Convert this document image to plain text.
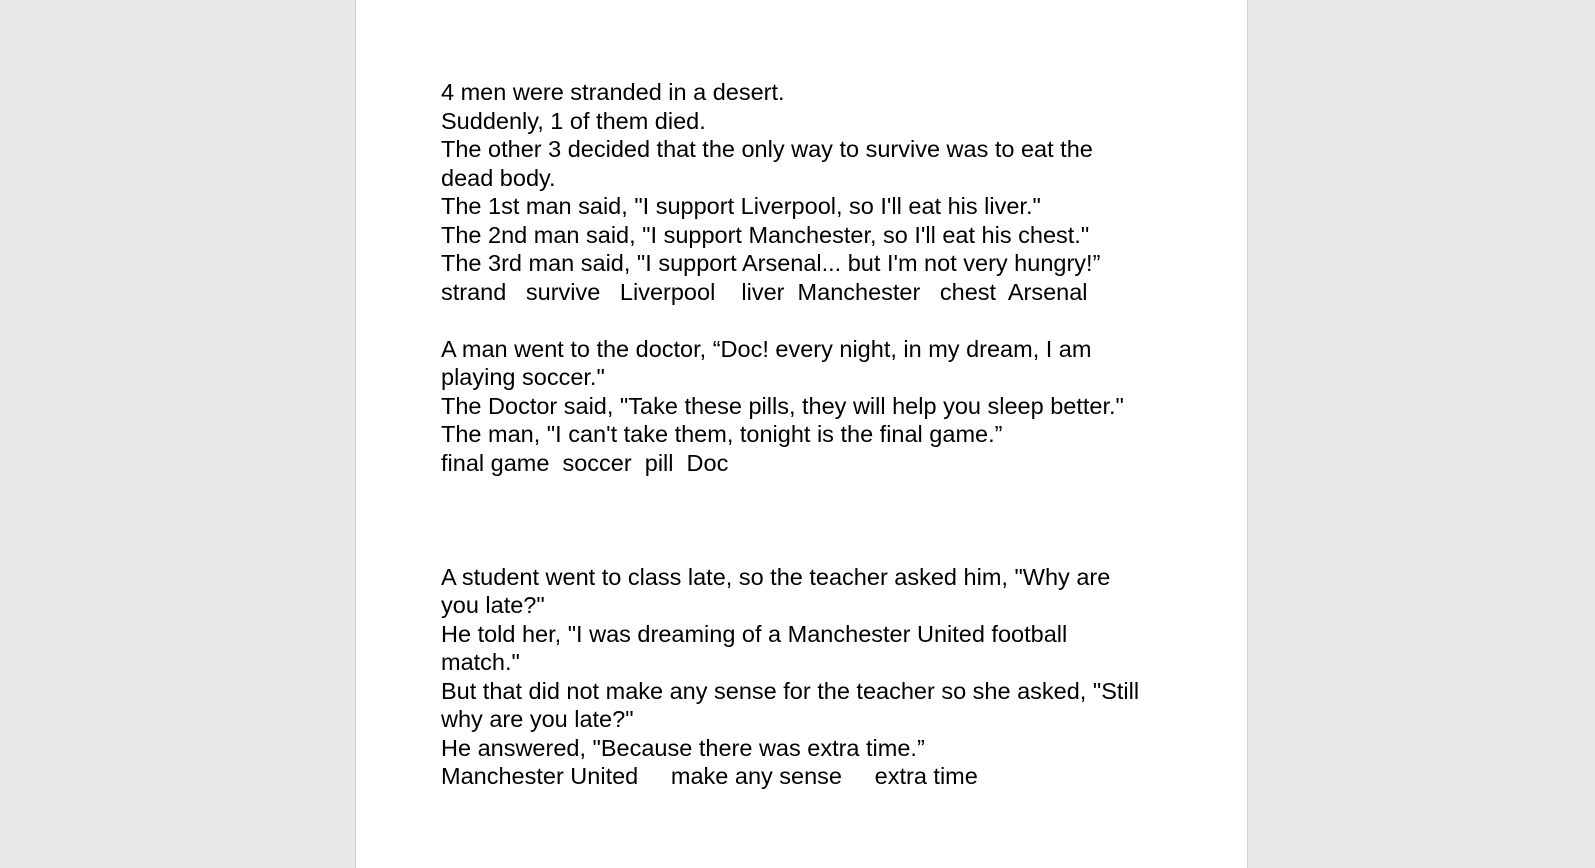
4 men were stranded in a desert.
Suddenly, 1 of them died.
The other 3 decided that the only way to survive was to eat the
dead body.
The 1st man said, "I support Liverpool, so I'll eat his liver."
The 2nd man said, "I support Manchester, so I'll eat his chest."
The 3rd man said, "I support Arsenal... but I'm not very hungry!”
strand   survive   Liverpool    liver  Manchester   chest  Arsenal
A man went to the doctor, “Doc! every night, in my dream, I am
playing soccer."
The Doctor said, "Take these pills, they will help you sleep better."
The man, "I can't take them, tonight is the final game.”
final game  soccer  pill  Doc
A student went to class late, so the teacher asked him, "Why are
you late?"
He told her, "I was dreaming of a Manchester United football
match."
But that did not make any sense for the teacher so she asked, "Still
why are you late?"
He answered, "Because there was extra time.”
Manchester United     make any sense     extra time
